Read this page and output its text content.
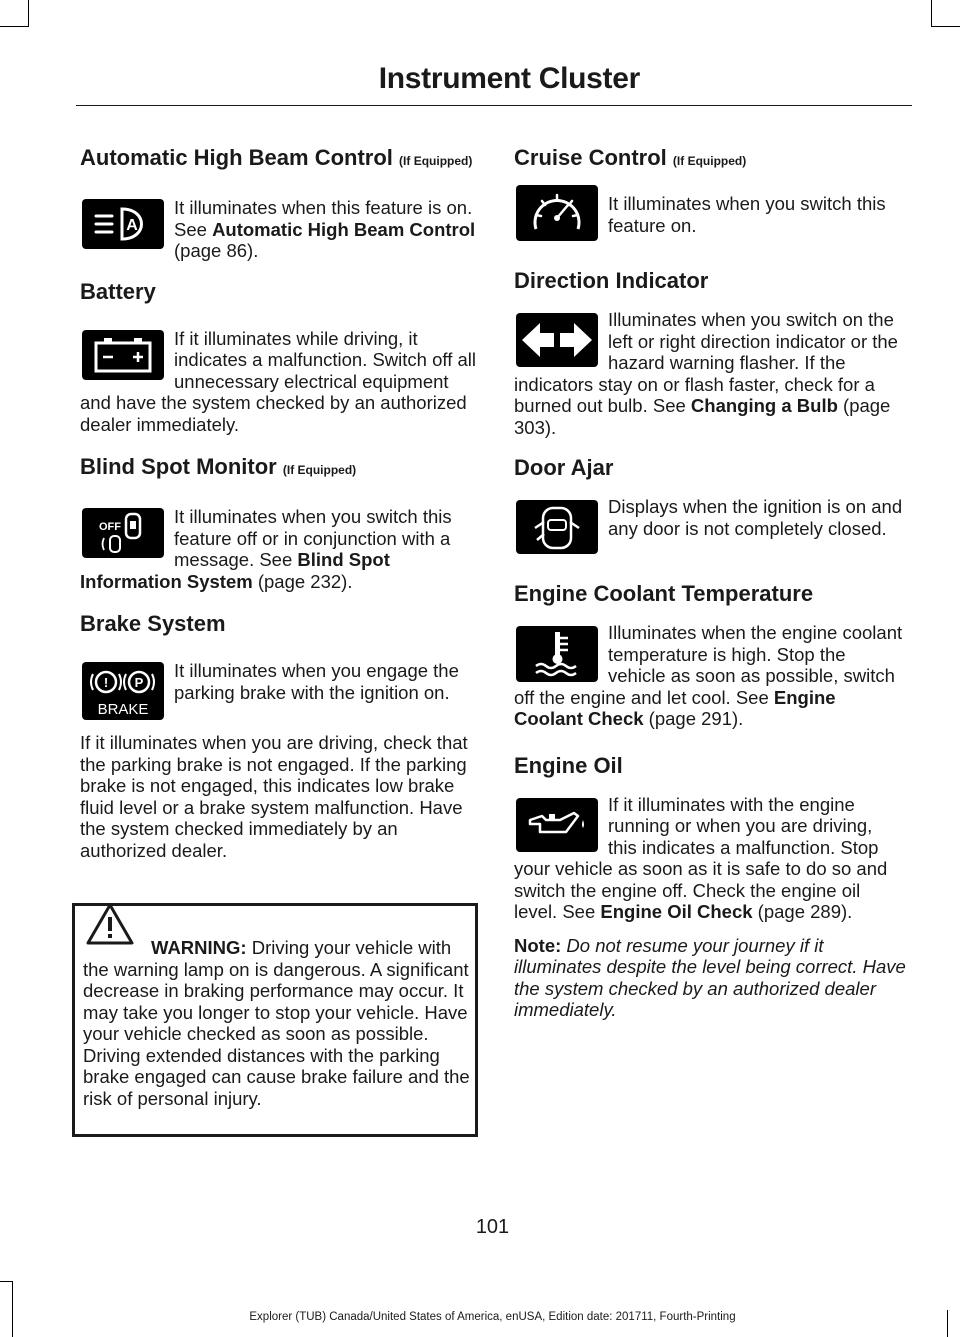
Instrument Cluster
Automatic High Beam Control (If Equipped)
A

It illuminates when this feature is on. See Automatic High Beam Control (page 86).

Battery

If it illuminates while driving, it indicates a malfunction. Switch off all unnecessary electrical equipment and have the system checked by an authorized dealer immediately.

Blind Spot Monitor (If Equipped)
OFF	It illuminates when you switch this feature off or in conjunction with a message. See Blind Spot Information System (page 232).

Brake System
! P
BRAKE

It illuminates when you engage the parking brake with the ignition on.

If it illuminates when you are driving, check that the parking brake is not engaged. If the parking brake is not engaged, this indicates low brake fluid level or a brake system malfunction. Have the system checked immediately by an authorized dealer.

WARNING: Driving your vehicle with the warning lamp on is dangerous. A significant decrease in braking performance may occur. It may take you longer to stop your vehicle. Have your vehicle checked as soon as possible. Driving extended distances with the parking brake engaged can cause brake failure and the risk of personal injury.

Cruise Control (If Equipped)

It illuminates when you switch this feature on.

Direction Indicator

Illuminates when you switch on the left or right direction indicator or the hazard warning flasher. If the indicators stay on or flash faster, check for a burned out bulb. See Changing a Bulb (page 303).

Door Ajar

Displays when the ignition is on and any door is not completely closed.

Engine Coolant Temperature

Illuminates when the engine coolant temperature is high. Stop the vehicle as soon as possible, switch off the engine and let cool. See Engine Coolant Check (page 291).

Engine Oil

If it illuminates with the engine running or when you are driving, this indicates a malfunction. Stop your vehicle as soon as it is safe to do so and switch the engine off. Check the engine oil level. See Engine Oil Check (page 289).

Note: Do not resume your journey if it illuminates despite the level being correct. Have the system checked by an authorized dealer immediately.

101
Explorer (TUB) Canada/United States of America, enUSA, Edition date: 201711, Fourth-Printing
